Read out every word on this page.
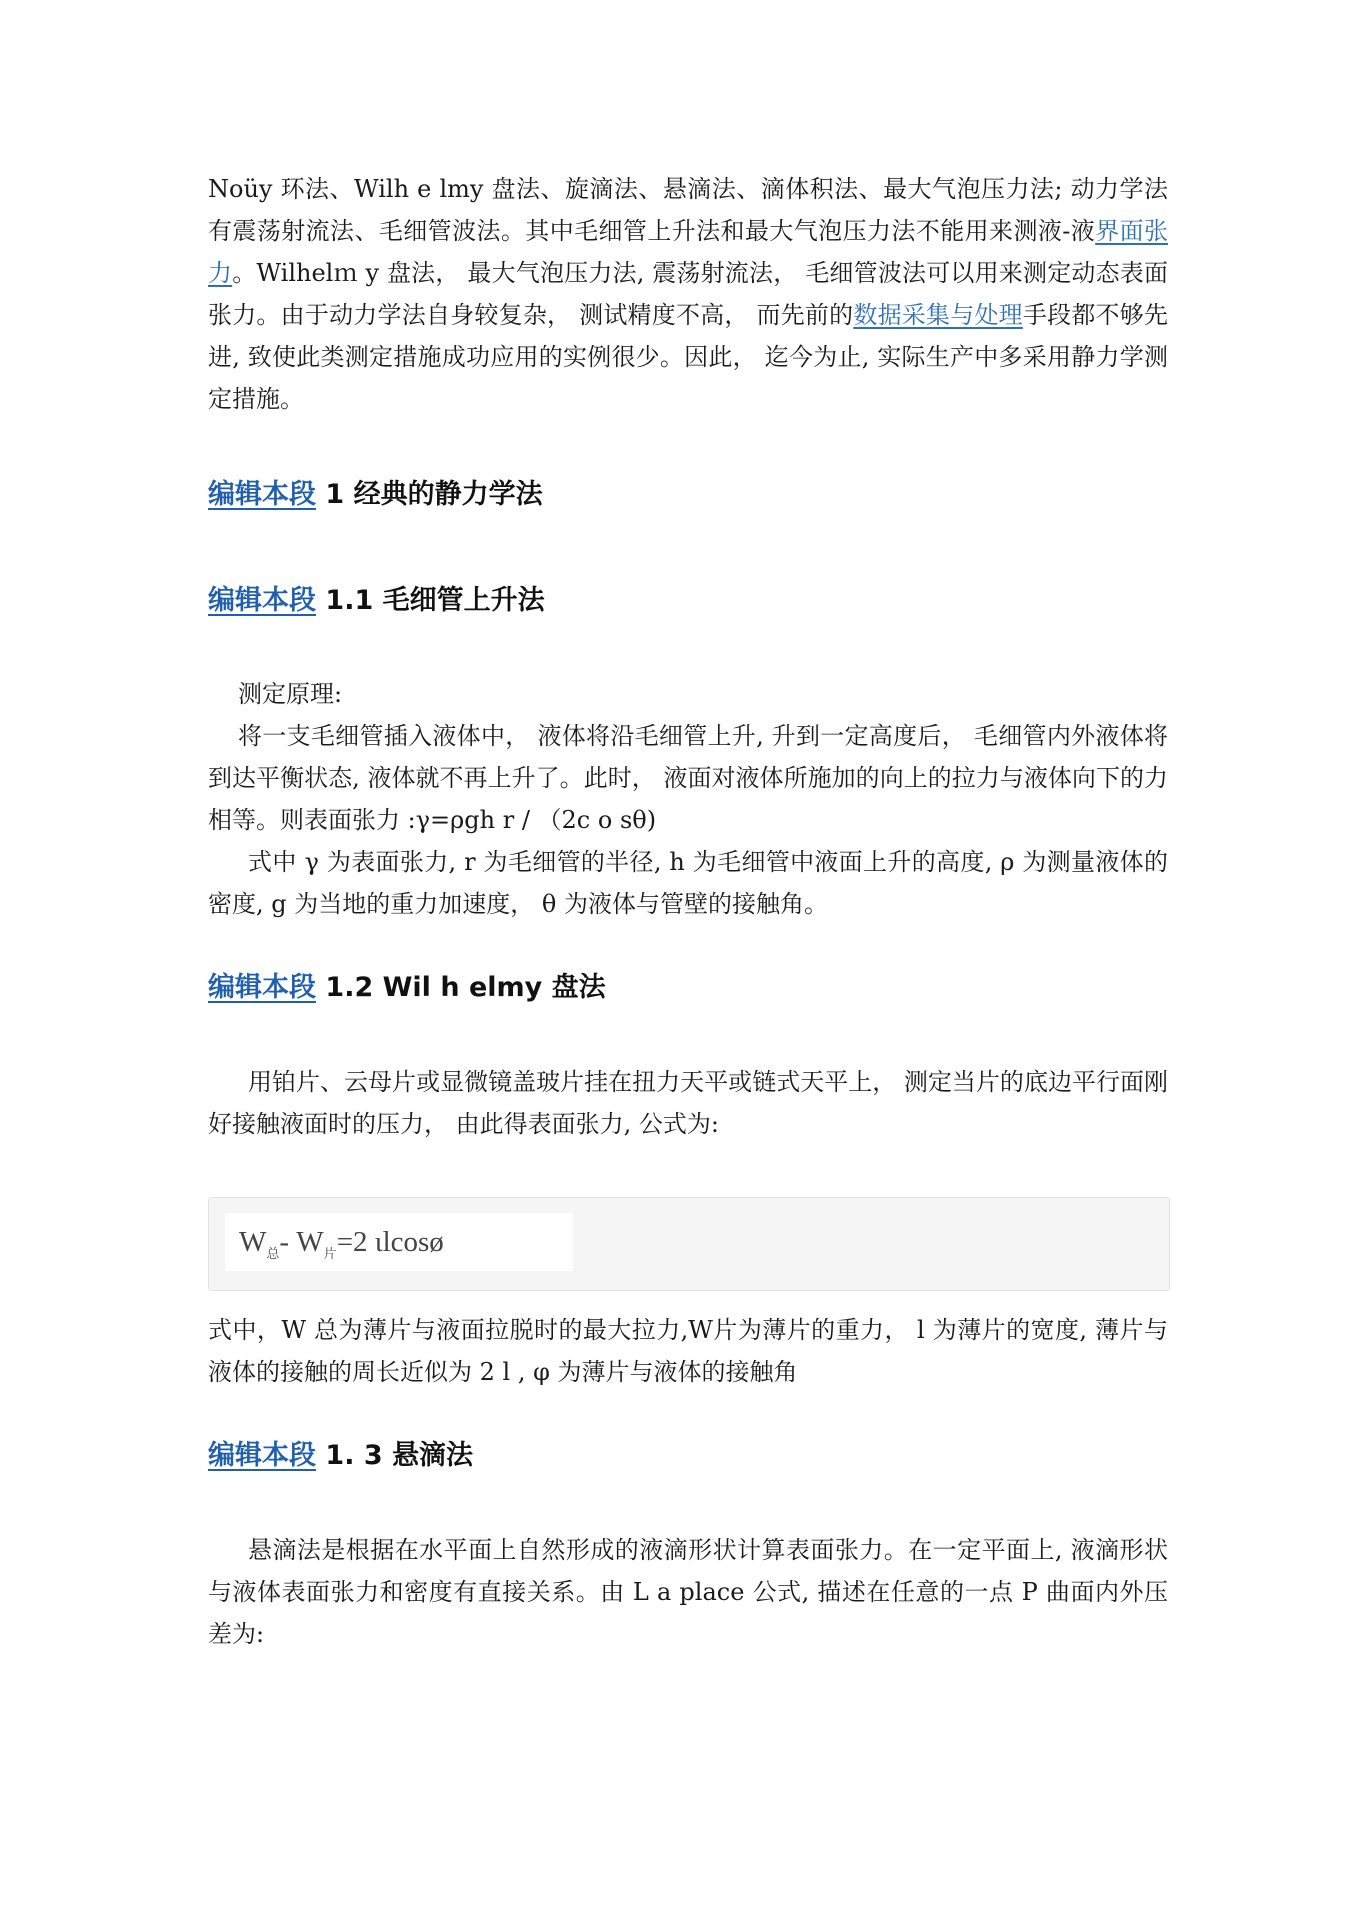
Noüy 环法、Wilh e lmy 盘法、旋滴法、悬滴法、滴体积法、最大气泡压力法; 动力学法有震荡射流法、毛细管波法。其中毛细管上升法和最大气泡压力法不能用来测液-液界面张力。Wilhelｍ y 盘法， 最大气泡压力法, 震荡射流法， 毛细管波法可以用来测定动态表面张力。由于动力学法自身较复杂， 测试精度不高， 而先前的数据采集与处理手段都不够先进, 致使此类测定措施成功应用的实例很少。因此， 迄今为止, 实际生产中多采用静力学测定措施。

编辑本段 1 经典的静力学法
编辑本段 1.1 毛细管上升法

测定原理:

将一支毛细管插入液体中， 液体将沿毛细管上升, 升到一定高度后， 毛细管内外液体将到达平衡状态, 液体就不再上升了。此时， 液面对液体所施加的向上的拉力与液体向下的力相等。则表面张力 :γ=ρgh r / （2c o sθ)

式中 γ 为表面张力, r 为毛细管的半径, h 为毛细管中液面上升的高度, ρ 为测量液体的密度, g 为当地的重力加速度， θ 为液体与管壁的接触角。

编辑本段 1.2 Wil h elmy 盘法

用铂片、云母片或显微镜盖玻片挂在扭力天平或链式天平上， 测定当片的底边平行面刚好接触液面时的压力， 由此得表面张力, 公式为:

$W_总-$ $W_片=2$ ɩlcosø

式中，W 总为薄片与液面拉脱时的最大拉力,W片为薄片的重力， l 为薄片的宽度, 薄片与液体的接触的周长近似为 2 l , φ 为薄片与液体的接触角

编辑本段 1. 3 悬滴法

悬滴法是根据在水平面上自然形成的液滴形状计算表面张力。在一定平面上, 液滴形状与液体表面张力和密度有直接关系。由 L a place 公式, 描述在任意的一点 P 曲面内外压差为:
